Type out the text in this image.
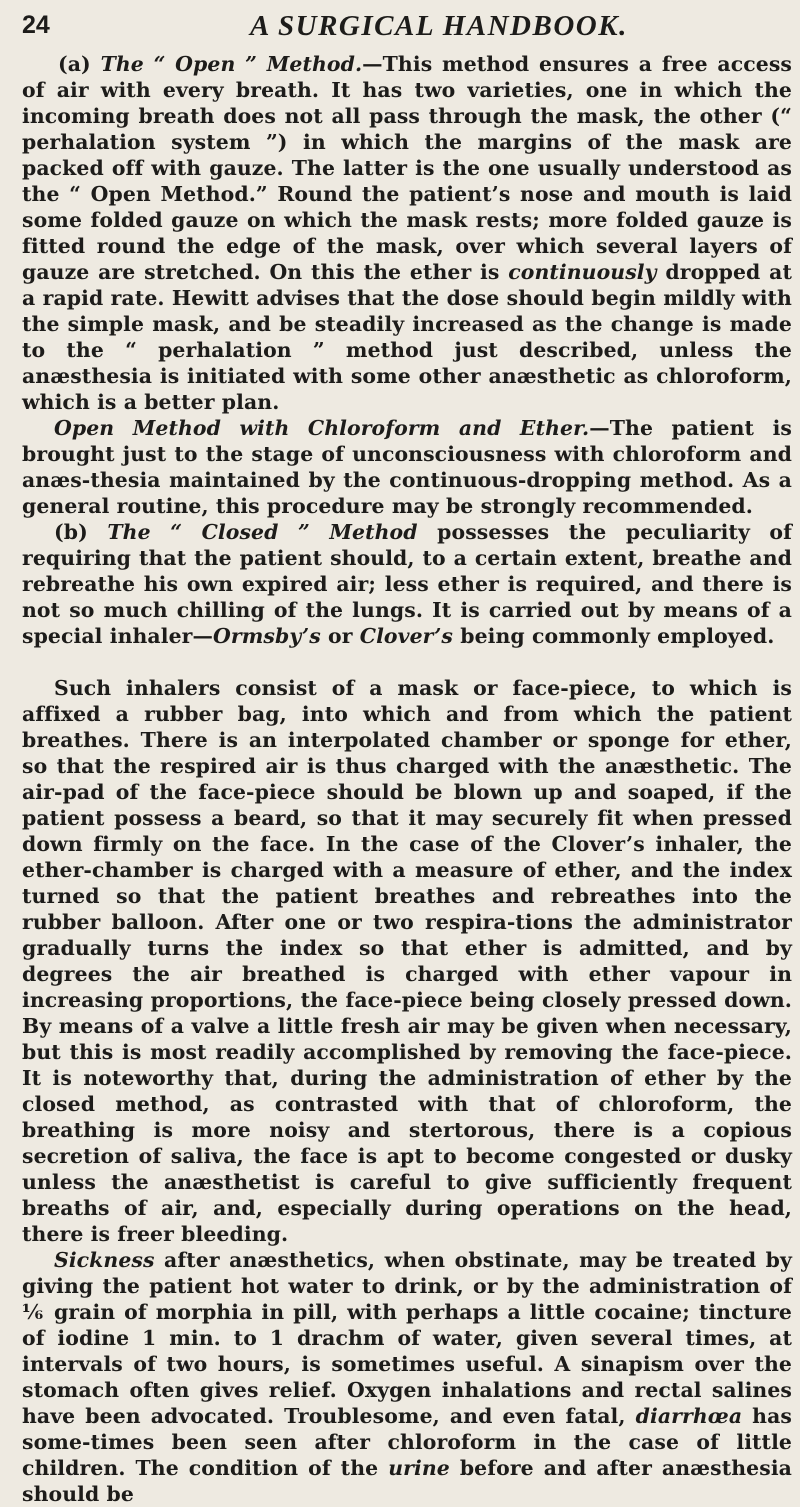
24	A SURGICAL HANDBOOK.

(a) The “ Open ” Method.—This method ensures a free access of air with every breath. It has two varieties, one in which the incoming breath does not all pass through the mask, the other (“ perhalation system ”) in which the margins of the mask are packed off with gauze. The latter is the one usually understood as the “ Open Method.” Round the patient’s nose and mouth is laid some folded gauze on which the mask rests; more folded gauze is fitted round the edge of the mask, over which several layers of gauze are stretched. On this the ether is continuously dropped at a rapid rate. Hewitt advises that the dose should begin mildly with the simple mask, and be steadily increased as the change is made to the “ perhalation ” method just described, unless the anæsthesia is initiated with some other anæsthetic as chloroform, which is a better plan.

Open Method with Chloroform and Ether.—The patient is brought just to the stage of unconsciousness with chloroform and anæs-thesia maintained by the continuous-dropping method. As a general routine, this procedure may be strongly recommended.

(b) The “ Closed ” Method possesses the peculiarity of requiring that the patient should, to a certain extent, breathe and rebreathe his own expired air; less ether is required, and there is not so much chilling of the lungs. It is carried out by means of a special inhaler—Ormsby’s or Clover’s being commonly employed.

Such inhalers consist of a mask or face-piece, to which is affixed a rubber bag, into which and from which the patient breathes. There is an interpolated chamber or sponge for ether, so that the respired air is thus charged with the anæsthetic. The air-pad of the face-piece should be blown up and soaped, if the patient possess a beard, so that it may securely fit when pressed down firmly on the face. In the case of the Clover’s inhaler, the ether-chamber is charged with a measure of ether, and the index turned so that the patient breathes and rebreathes into the rubber balloon. After one or two respira-tions the administrator gradually turns the index so that ether is admitted, and by degrees the air breathed is charged with ether vapour in increasing proportions, the face-piece being closely pressed down. By means of a valve a little fresh air may be given when necessary, but this is most readily accomplished by removing the face-piece. It is noteworthy that, during the administration of ether by the closed method, as contrasted with that of chloroform, the breathing is more noisy and stertorous, there is a copious secretion of saliva, the face is apt to become congested or dusky unless the anæsthetist is careful to give sufficiently frequent breaths of air, and, especially during operations on the head, there is freer bleeding.

Sickness after anæsthetics, when obstinate, may be treated by giving the patient hot water to drink, or by the administration of ⅙ grain of morphia in pill, with perhaps a little cocaine; tincture of iodine 1 min. to 1 drachm of water, given several times, at intervals of two hours, is sometimes useful. A sinapism over the stomach often gives relief. Oxygen inhalations and rectal salines have been advocated. Troublesome, and even fatal, diarrhœa has some-times been seen after chloroform in the case of little children. The condition of the urine before and after anæsthesia should be
